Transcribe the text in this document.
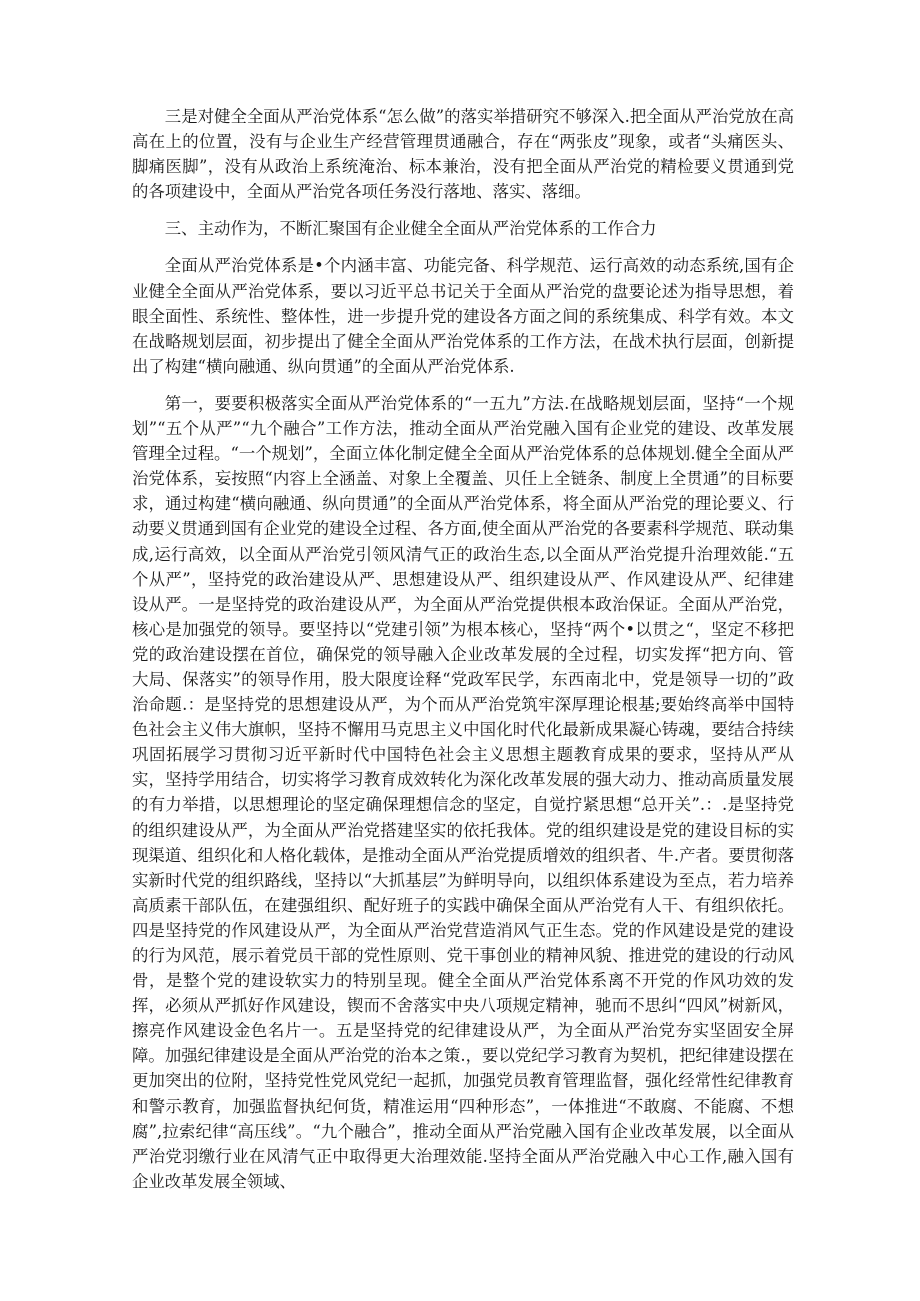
三是对健全全面从严治党体系“怎么做”的落实举措研究不够深入.把全面从严治党放在高高在上的位置，没有与企业生产经营管理贯通融合，存在“两张皮”现象，或者“头痛医头、脚痛医脚”，没有从政治上系统淹治、标本兼治，没有把全面从严治党的精检要义贯通到党的各项建设中，全面从严治党各项任务没行落地、落实、落细。

三、主动作为，不断汇聚国有企业健全全面从严治党体系的工作合力

全面从严治党体系是•个内涵丰富、功能完备、科学规范、运行高效的动态系统,国有企业健全全面从严治党体系，要以习近平总书记关于全面从严治党的盘要论述为指导思想，着眼全面性、系统性、整体性，进一步提升党的建设各方面之间的系统集成、科学有效。本文在战略规划层面，初步提出了健全全面从严治党体系的工作方法，在战术执行层面，创新提出了构建“横向融通、纵向贯通”的全面从严治党体系.

第一，要要积极落实全面从严治党体系的“一五九”方法.在战略规划层面，坚持“一个规划”“五个从严”“九个融合”工作方法，推动全面从严治党融入国有企业党的建设、改革发展管理全过程。“一个规划”，全面立体化制定健全全面从严治党体系的总体规划.健全全面从严治党体系，妄按照“内容上全涵盖、对象上全覆盖、贝任上全链条、制度上全贯通”的目标要求，通过构建“横向融通、纵向贯通”的全面从严治党体系，将全面从严治党的理论要义、行动要义贯通到国有企业党的建设全过程、各方面,使全面从严治党的各要素科学规范、联动集成,运行高效，以全面从严治党引领风清气正的政治生态,以全面从严治党提升治理效能.“五个从严”，坚持党的政治建设从严、思想建设从严、组织建设从严、作风建设从严、纪律建设从严。一是坚持党的政治建设从严，为全面从严治党提供根本政治保证。全面从严治党，核心是加强党的领导。要坚持以“党建引领”为根本核心，坚持“两个•以贯之“，坚定不移把党的政治建设摆在首位，确保党的领导融入企业改革发展的全过程，切实发挥“把方向、管大局、保落实”的领导作用，股大限度诠释“党政军民学，东西南北中，党是领导一切的”政治命题.：是坚持党的思想建设从严，为个而从严治党筑牢深厚理论根基;要始终高举中国特色社会主义伟大旗帜，坚持不懈用马克思主义中国化时代化最新成果凝心铸魂，要结合持续巩固拓展学习贯彻习近平新时代中国特色社会主义思想主题教育成果的要求，坚持从严从实，坚持学用结合，切实将学习教育成效转化为深化改革发展的强大动力、推动高质量发展的有力举措，以思想理论的坚定确保理想信念的坚定，自觉拧紧思想“总开关”.：.是坚持党的组织建设从严，为全面从严治党搭建坚实的依托我体。党的组织建设是党的建设目标的实现渠道、组织化和人格化载体，是推动全面从严治党提质增效的组织者、牛.产者。要贯彻落实新时代党的组织路线，坚持以“大抓基层”为鲜明导向，以组织体系建设为至点，若力培养高质素干部队伍，在建强组织、配好班子的实践中确保全面从严治党有人干、有组织依托。四是坚持党的作风建设从严，为全面从严治党营造消风气正生态。党的作风建设是党的建设的行为风范，展示着党员干部的党性原则、党干事创业的精神风貌、推进党的建设的行动风骨，是整个党的建设软实力的特别呈现。健全全面从严治党体系离不开党的作风功效的发挥，必须从严抓好作风建设，锲而不舍落实中央八项规定精神，驰而不思纠“四风”树新风，擦亮作风建设金色名片一。五是坚持党的纪律建设从严，为全面从严治党夯实坚固安全屏障。加强纪律建设是全面从严治党的治本之策.，要以党纪学习教育为契机，把纪律建设摆在更加突出的位附，坚持党性党风党纪一起抓，加强党员教育管理监督，强化经常性纪律教育和警示教育，加强监督执纪何货，精准运用“四种形态”，一体推进“不敢腐、不能腐、不想腐”,拉索纪律“高压线”。“九个融合”，推动全面从严治党融入国有企业改革发展，以全面从严治党羽缴行业在风清气正中取得更大治理效能.坚持全面从严治党融入中心工作,融入国有企业改革发展全领域、
